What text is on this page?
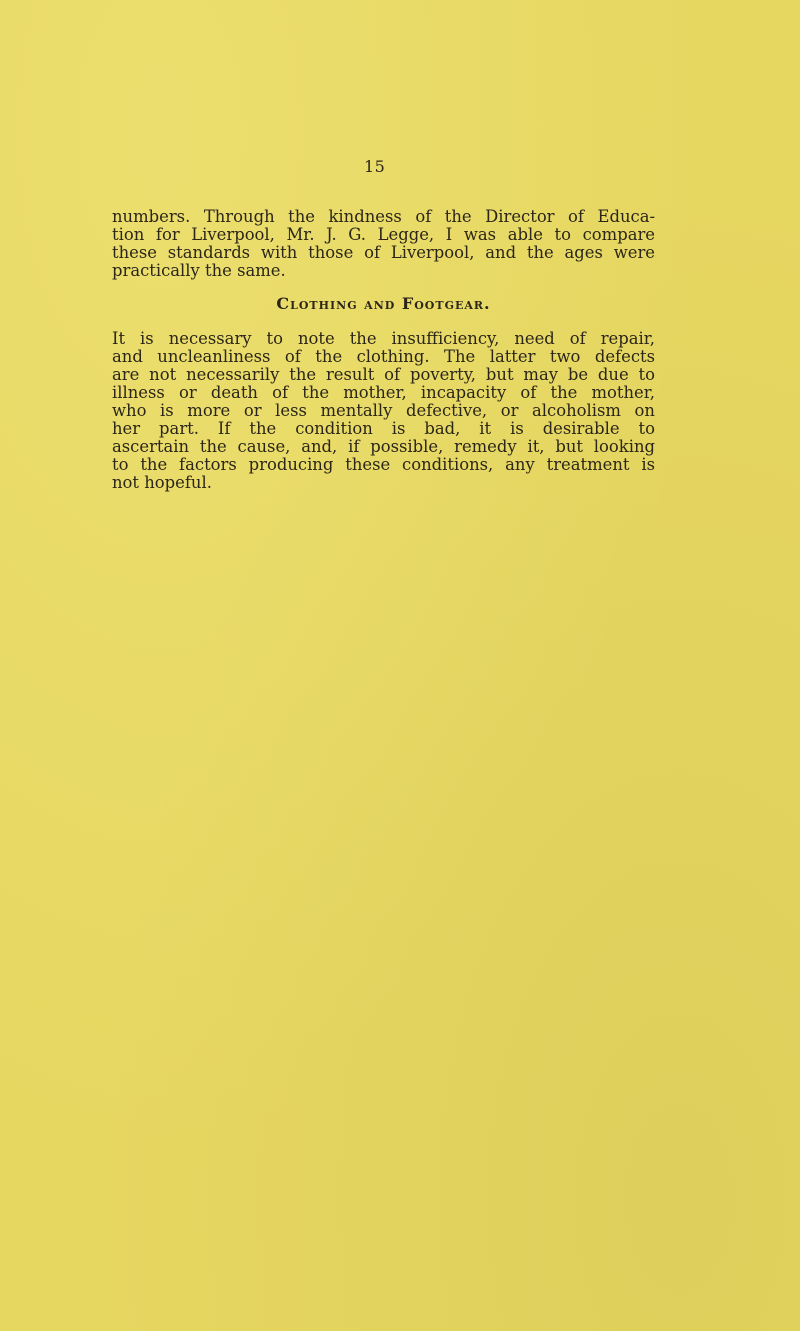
15

numbers. Through the kindness of the Director of Educa-
tion for Liverpool, Mr. J. G. Legge, I was able to compare
these standards with those of Liverpool, and the ages were
practically the same.

Clothing and Footgear.

It is necessary to note the insufficiency, need of repair,
and uncleanliness of the clothing. The latter two defects
are not necessarily the result of poverty, but may be due to
illness or death of the mother, incapacity of the mother,
who is more or less mentally defective, or alcoholism on
her part. If the condition is bad, it is desirable to
ascertain the cause, and, if possible, remedy it, but looking
to the factors producing these conditions, any treatment is
not hopeful.
